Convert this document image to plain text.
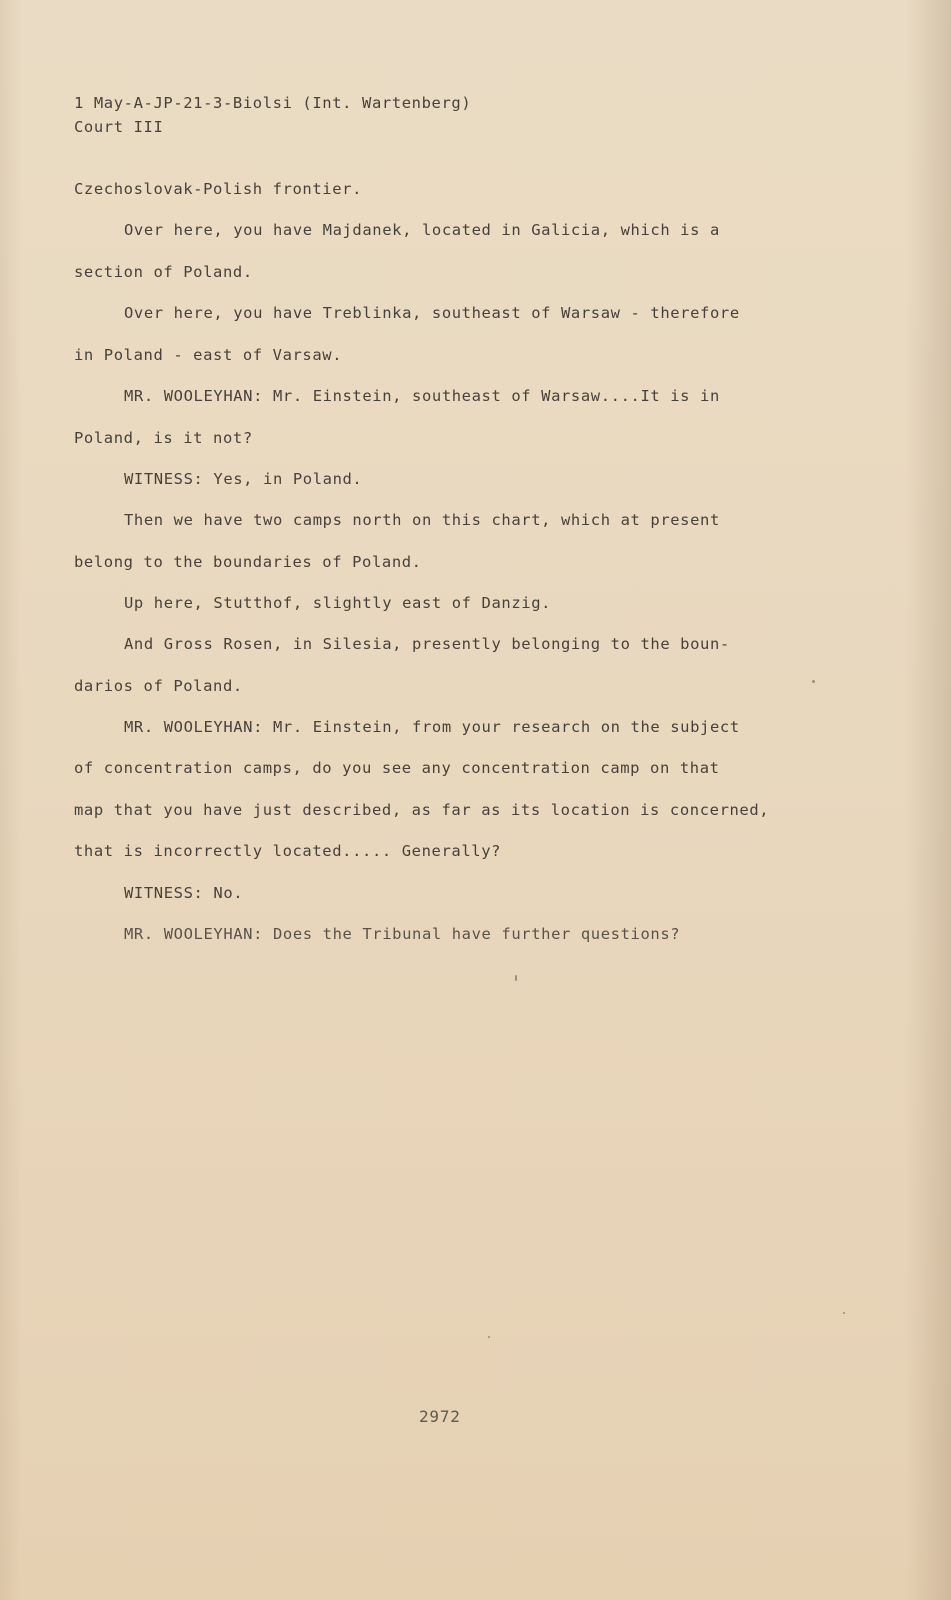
1 May-A-JP-21-3-Biolsi (Int. Wartenberg)
Court III
Czechoslovak-Polish frontier.
Over here, you have Majdanek, located in Galicia, which is a
section of Poland.
Over here, you have Treblinka, southeast of Warsaw - therefore
in Poland - east of Varsaw.
MR. WOOLEYHAN: Mr. Einstein, southeast of Warsaw....It is in
Poland, is it not?
WITNESS: Yes, in Poland.
Then we have two camps north on this chart, which at present
belong to the boundaries of Poland.
Up here, Stutthof, slightly east of Danzig.
And Gross Rosen, in Silesia, presently belonging to the boun-
darios of Poland.
MR. WOOLEYHAN: Mr. Einstein, from your research on the subject
of concentration camps, do you see any concentration camp on that
map that you have just described, as far as its location is concerned,
that is incorrectly located..... Generally?
WITNESS: No.
MR. WOOLEYHAN: Does the Tribunal have further questions?
2972
